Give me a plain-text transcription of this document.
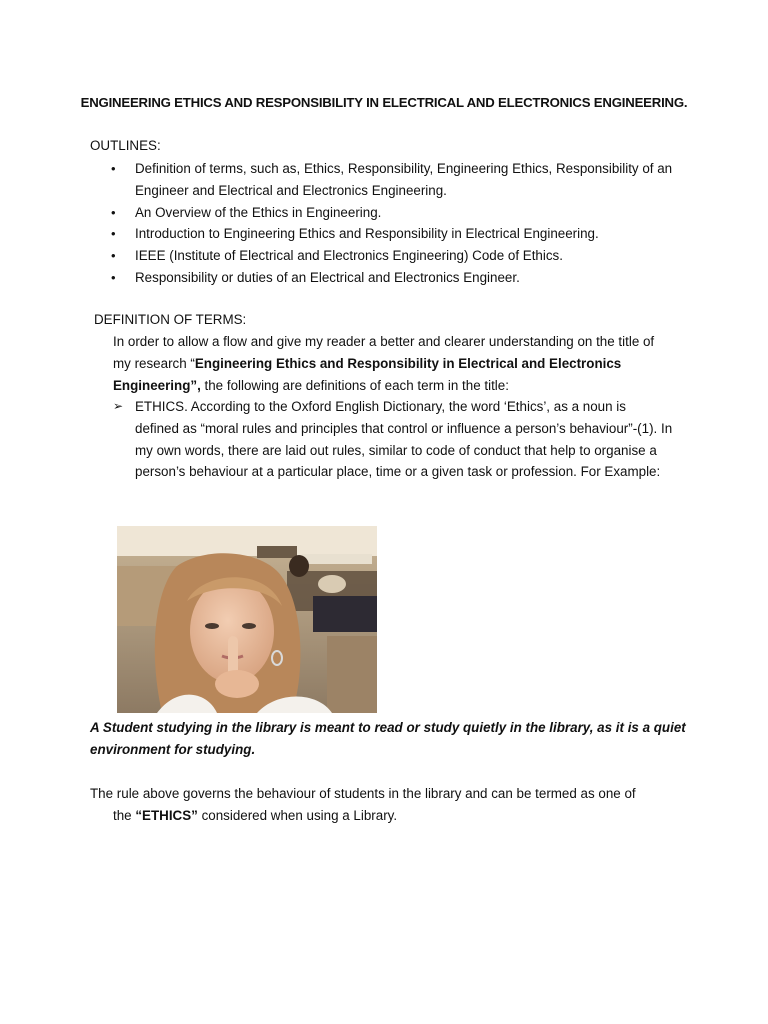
ENGINEERING ETHICS AND RESPONSIBILITY IN ELECTRICAL AND ELECTRONICS ENGINEERING.
OUTLINES:
• Definition of terms, such as, Ethics, Responsibility, Engineering Ethics, Responsibility of an Engineer and Electrical and Electronics Engineering.
• An Overview of the Ethics in Engineering.
• Introduction to Engineering Ethics and Responsibility in Electrical Engineering.
• IEEE (Institute of Electrical and Electronics Engineering) Code of Ethics.
• Responsibility or duties of an Electrical and Electronics Engineer.
DEFINITION OF TERMS:
In order to allow a flow and give my reader a better and clearer understanding on the title of my research “Engineering Ethics and Responsibility in Electrical and Electronics Engineering”, the following are definitions of each term in the title:
➢ ETHICS. According to the Oxford English Dictionary, the word ‘Ethics’, as a noun is defined as “moral rules and principles that control or influence a person’s behaviour”-(1). In my own words, there are laid out rules, similar to code of conduct that help to organise a person’s behaviour at a particular place, time or a given task or profession. For Example:
A Student studying in the library is meant to read or study quietly in the library, as it is a quiet environment for studying.
The rule above governs the behaviour of students in the library and can be termed as one of
the “ETHICS” considered when using a Library.
